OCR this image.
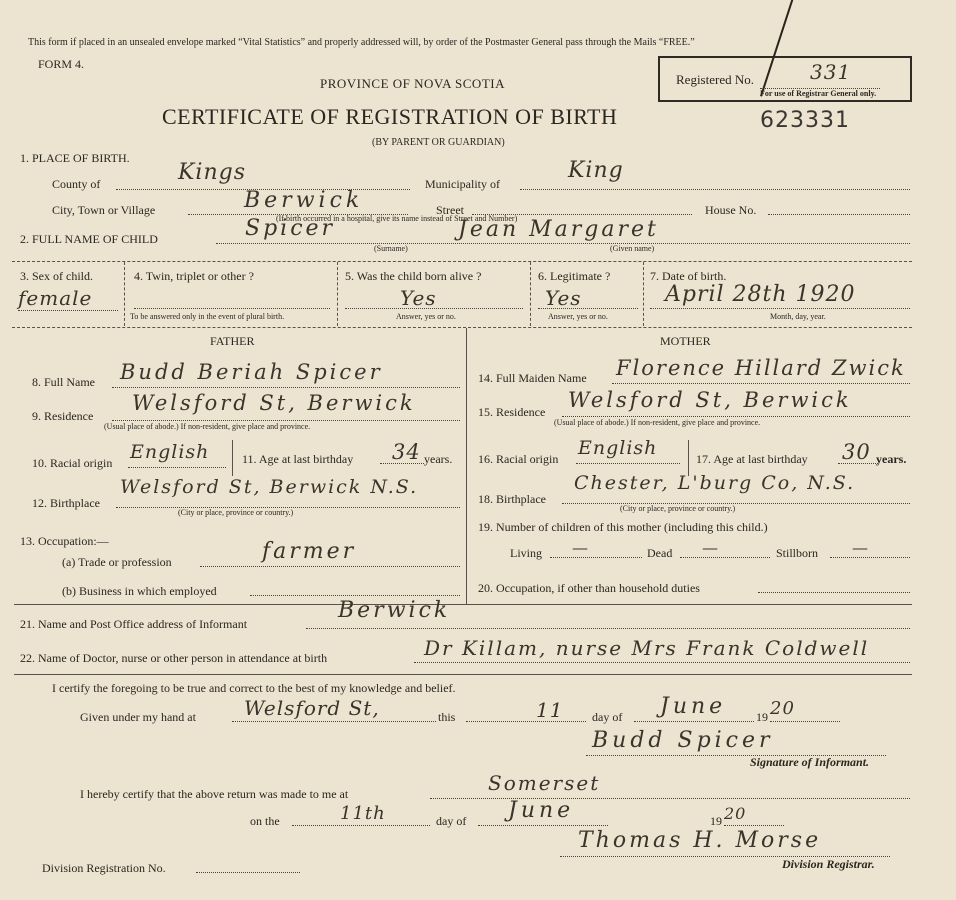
This form if placed in an unsealed envelope marked “Vital Statistics” and properly addressed will, by order of the Postmaster General pass through the Mails “FREE.”
FORM 4.
PROVINCE OF NOVA SCOTIA
CERTIFICATE OF REGISTRATION OF BIRTH
(BY PARENT OR GUARDIAN)
Registered No.	331
For use of Registrar General only.
623331
1. PLACE OF BIRTH.
County of	Kings	Municipality of
King
City, Town or Village	Berwick	Street	House No.
(If birth occurred in a hospital, give its name instead of Street and Number)
2. FULL NAME OF CHILD	Spicer	Jean Margaret
(Surname)	(Given name)
3. Sex of child.
female
4. Twin, triplet or other ?
To be answered only in the event of plural birth.
5. Was the child born alive ?
Yes
Answer, yes or no.
6. Legitimate ?
Yes
Answer, yes or no.
7. Date of birth.
April 28th 1920
Month, day, year.
FATHER	MOTHER
8. Full Name Budd Beriah Spicer
9. Residence
Welsford St, Berwick
(Usual place of abode.) If non-resident, give place and province.
10. Racial origin English	11. Age at last birthday 34 years.
12. Birthplace
Welsford St, Berwick N.S.
(City or place, province or country.)
13. Occupation:—
(a) Trade or profession	farmer
(b) Business in which employed
14. Full Maiden Name Florence Hillard Zwick
15. Residence Welsford St, Berwick
(Usual place of abode.) If non-resident, give place and province.
16. Racial origin English	17. Age at last birthday 30 years.
18. Birthplace
Chester, L'burg Co, N.S.
(City or place, province or country.)
19. Number of children of this mother (including this child.)
Living —	Dead —	Stillborn —
20. Occupation, if other than household duties
21. Name and Post Office address of Informant
Berwick
22. Name of Doctor, nurse or other person in attendance at birth	Dr Killam, nurse Mrs Frank Coldwell
I certify the foregoing to be true and correct to the best of my knowledge and belief.
Given under my hand at Welsford St,	this	11 day of June 19 20
Budd Spicer
Signature of Informant.
I hereby certify that the above return was made to me at	Somerset
on the	11th	day of June	19 20
Thomas H. Morse
Division Registrar.
Division Registration No.
